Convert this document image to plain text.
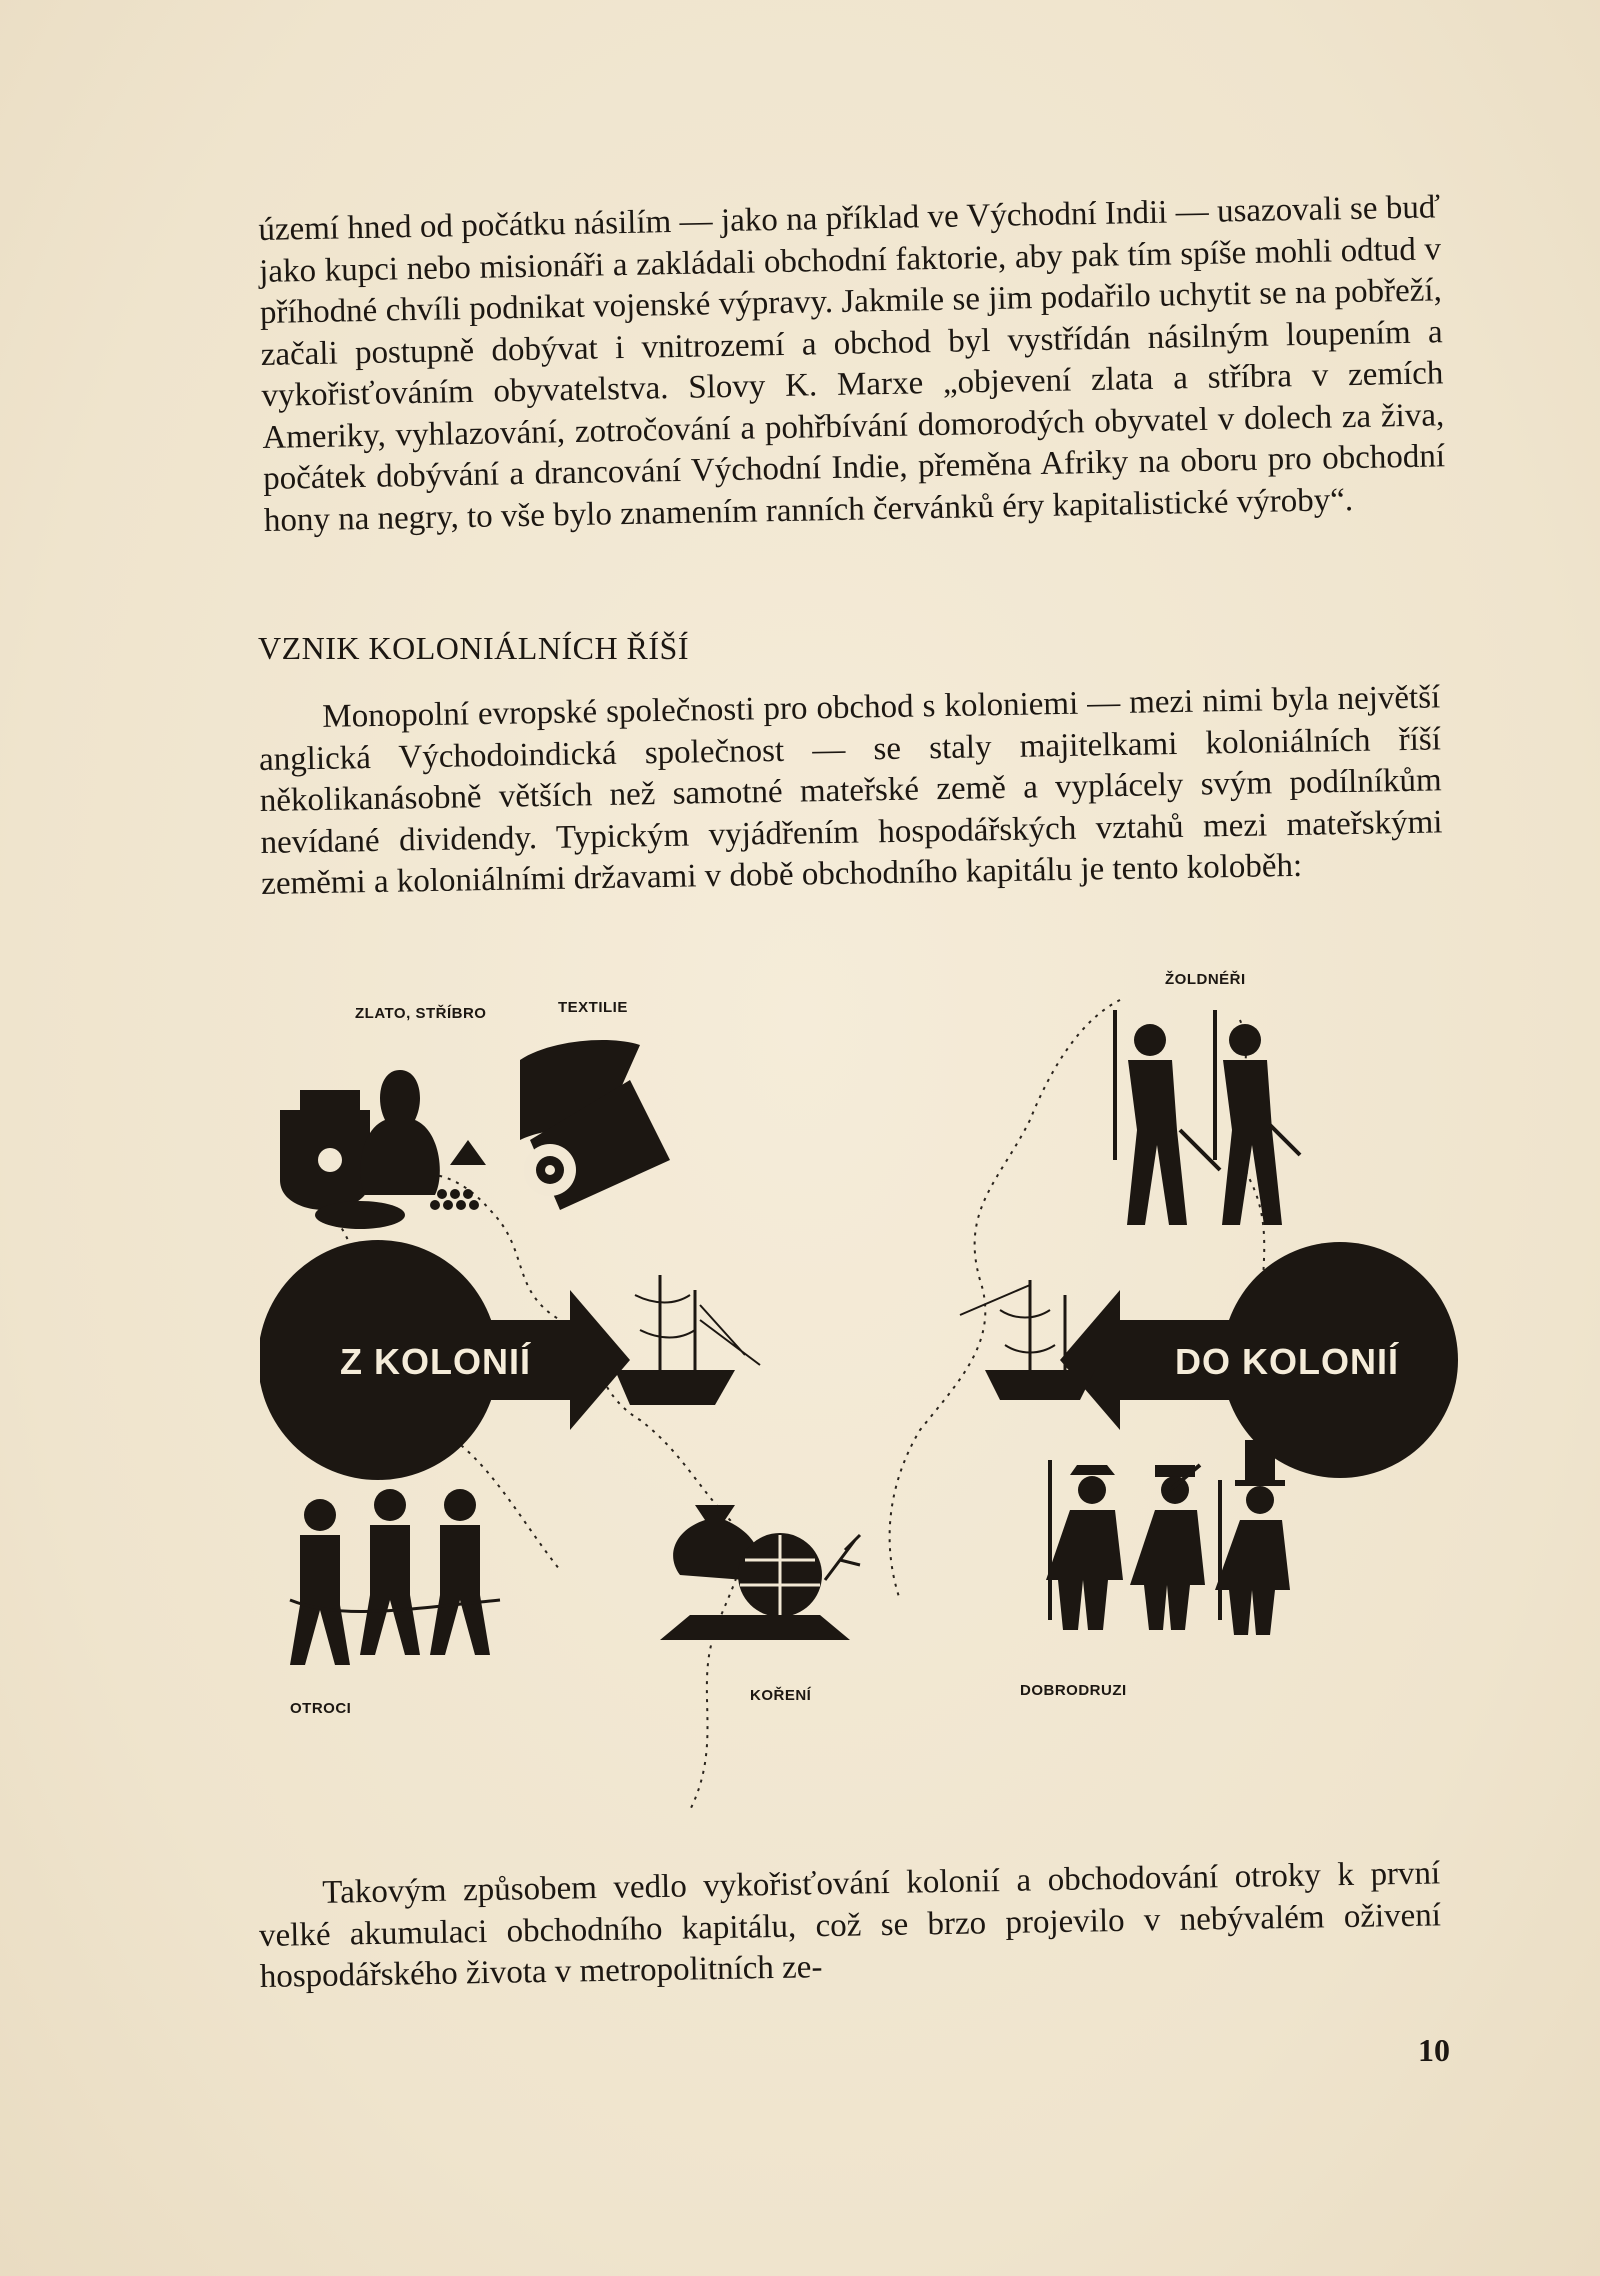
území hned od počátku násilím — jako na příklad ve Východní Indii — usazovali se buď jako kupci nebo misionáři a zakládali obchodní faktorie, aby pak tím spíše mohli odtud v příhodné chvíli podnikat vojenské výpravy. Jakmile se jim podařilo uchytit se na pobřeží, začali postupně dobývat i vnitrozemí a obchod byl vystřídán násilným loupením a vykořisťováním obyvatelstva. Slovy K. Marxe „objevení zlata a stříbra v zemích Ameriky, vyhlazování, zotročování a pohřbívání domorodých obyvatel v dolech za živa, počátek dobývání a drancování Východní Indie, přeměna Afriky na oboru pro obchodní hony na negry, to vše bylo znamením ranních červánků éry kapitalistické výroby“.

VZNIK KOLONIÁLNÍCH ŘÍŠÍ

Monopolní evropské společnosti pro obchod s koloniemi — mezi nimi byla největší anglická Východoindická společnost — se staly majitelkami koloniálních říší několikanásobně větších než samotné mateřské země a vyplácely svým podílníkům nevídané dividendy. Typickým vyjádřením hospodářských vztahů mezi mateřskými zeměmi a koloniálními državami v době obchodního kapitálu je tento koloběh:

ZLATO, STŘÍBRO	TEXTILIE
Z KOLONIÍ
OTROCI
KOŘENÍ
ŽOLDNÉŘI
DO KOLONIÍ
DOBRODRUZI

Takovým způsobem vedlo vykořisťování kolonií a obchodování otroky k první velké akumulaci obchodního kapitálu, což se brzo projevilo v nebývalém oživení hospodářského života v metropolitních ze-

10
